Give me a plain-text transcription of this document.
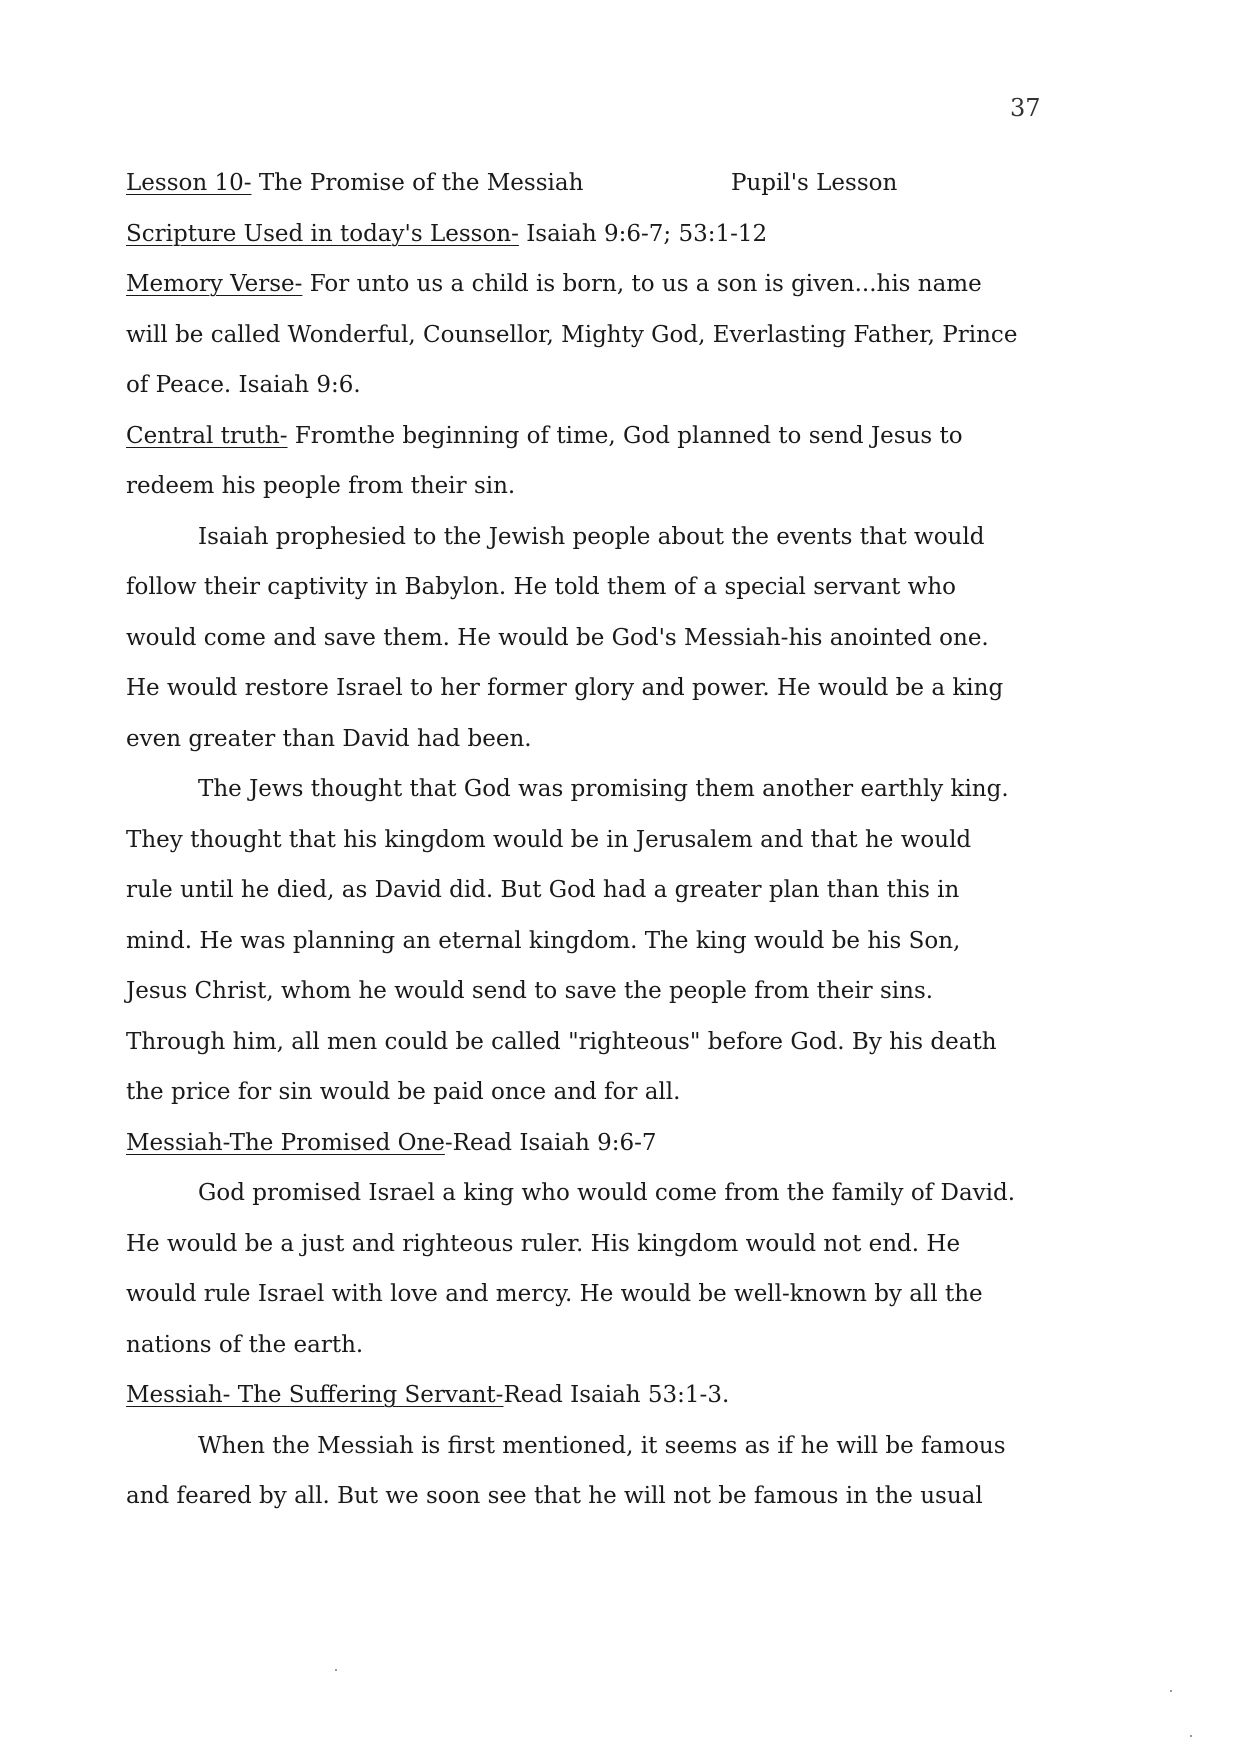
37
Lesson 10- The Promise of the Messiah	Pupil's Lesson
Scripture Used in today's Lesson- Isaiah 9:6-7; 53:1-12
Memory Verse- For unto us a child is born, to us a son is given...his name
will be called Wonderful, Counsellor, Mighty God, Everlasting Father, Prince
of Peace. Isaiah 9:6.
Central truth- Fromthe beginning of time, God planned to send Jesus to
redeem his people from their sin.
Isaiah prophesied to the Jewish people about the events that would
follow their captivity in Babylon. He told them of a special servant who
would come and save them. He would be God's Messiah-his anointed one.
He would restore Israel to her former glory and power. He would be a king
even greater than David had been.
The Jews thought that God was promising them another earthly king.
They thought that his kingdom would be in Jerusalem and that he would
rule until he died, as David did. But God had a greater plan than this in
mind. He was planning an eternal kingdom. The king would be his Son,
Jesus Christ, whom he would send to save the people from their sins.
Through him, all men could be called "righteous" before God. By his death
the price for sin would be paid once and for all.
Messiah-The Promised One-Read Isaiah 9:6-7
God promised Israel a king who would come from the family of David.
He would be a just and righteous ruler. His kingdom would not end. He
would rule Israel with love and mercy. He would be well-known by all the
nations of the earth.
Messiah- The Suffering Servant-Read Isaiah 53:1-3.
When the Messiah is first mentioned, it seems as if he will be famous
and feared by all. But we soon see that he will not be famous in the usual
